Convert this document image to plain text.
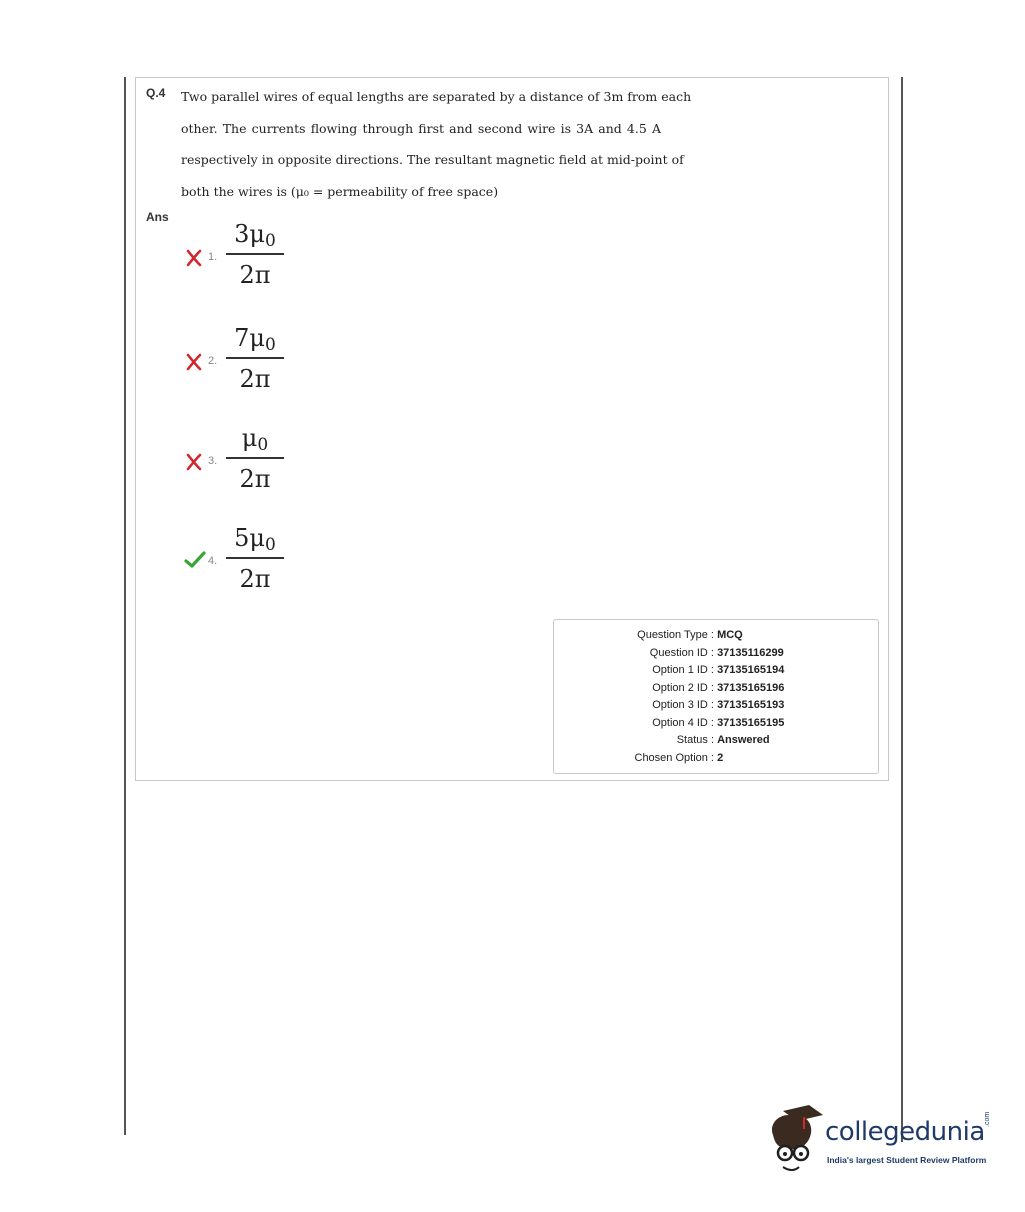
Q.4 Two parallel wires of equal lengths are separated by a distance of 3m from each
other. The currents flowing through first and second wire is 3A and 4.5 A
respectively in opposite directions. The resultant magnetic field at mid-point of
both the wires is (μ₀ = permeability of free space)
Ans
1.
3μ0
2π
2.
7μ0
2π
3.
μ0
2π
4.
5μ0
2π
Question Type : MCQ
Question ID : 37135116299
Option 1 ID : 37135165194
Option 2 ID : 37135165196
Option 3 ID : 37135165193
Option 4 ID : 37135165195
Status : Answered
Chosen Option : 2
collegedunia .com
India's largest Student Review Platform
